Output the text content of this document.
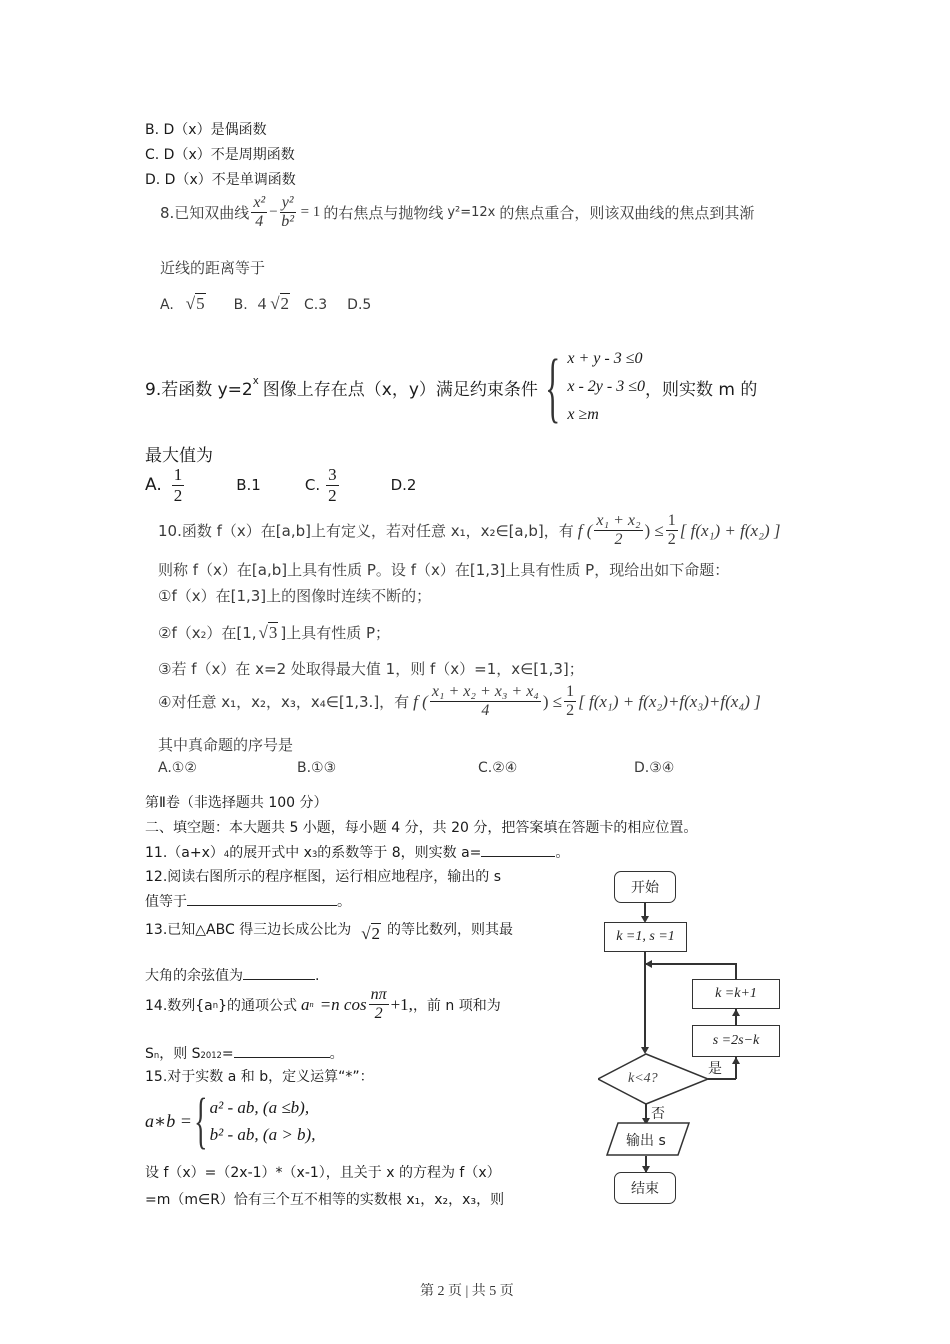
B. D（x）是偶函数
C. D（x）不是周期函数
D. D（x）不是单调函数
8.已知双曲线 $\frac{\text{x²}}{4} - \frac{\text{y²}}{\text{b²}} = 1$ 的右焦点与抛物线 y²=12x 的焦点重合，则该双曲线的焦点到其渐
近线的距离等于
A. √5 B. 4 √2 C.3 D.5
9.若函数 y=2 x 图像上存在点（x，y）满足约束条件 { x + y - 3 ≤0
x - 2y - 3 ≤0
x ≥m
，则实数 m 的
最大值为
A. $\frac{1}{2}$	B.1	C. $\frac{3}{2}$	D.2
10.函数 f（x）在[a,b]上有定义，若对任意 x₁，x₂∈[a,b]，有 f ( $\frac{\text{x₁ + x₂}}{2}$ ) ≤ $\frac{1}{2}$ [ f(x₁) + f(x₂) ]
则称 f（x）在[a,b]上具有性质 P。设 f（x）在[1,3]上具有性质 P，现给出如下命题：
①f（x）在[1,3]上的图像时连续不断的；
②f（x 2 ）在[1, √3 ]上具有性质 P；
③若 f（x）在 x=2 处取得最大值 1，则 f（x）=1，x∈[1,3]；
④对任意 x₁，x₂，x₃，x₄∈[1,3.]，有 f ( $\frac{\text{x₁ + x₂ + x₃ + x₄}}{4}$ ) ≤ $\frac{1}{2}$ [ f(x₁) + f(x₂)+f(x₃)+f(x₄) ]
其中真命题的序号是
A.①②	B.①③	C.②④	D.③④
第Ⅱ卷（非选择题共 100 分）
二、填空题：本大题共 5 小题，每小题 4 分，共 20 分，把答案填在答题卡的相应位置。
11.（a+x） 4 的展开式中 x 3 的系数等于 8，则实数 a=	。
12.阅读右图所示的程序框图，运行相应地程序，输出的 s
值等于	。
13.已知△ABC 得三边长成公比为 √2 的等比数列，则其最
大角的余弦值为	.
14.数列{a n }的通项公式 a n =n $\cos \frac{n\pi}{2} +1$, ，前 n 项和为
S n ，则 S 2012 =	。
15.对于实数 a 和 b，定义运算“*”：
a∗b = { a² - ab, (a ≤b),
b² - ab, (a > b),
设 f（x）=（2x-1）*（x-1），且关于 x 的方程为 f（x）
=m（m∈R）恰有三个互不相等的实数根 x₁，x₂，x₃，则
开始
k =1, s =1
k =k+1
s =2s−k
k<4?
是
否
输出 s
结束
第 2 页 | 共 5 页
